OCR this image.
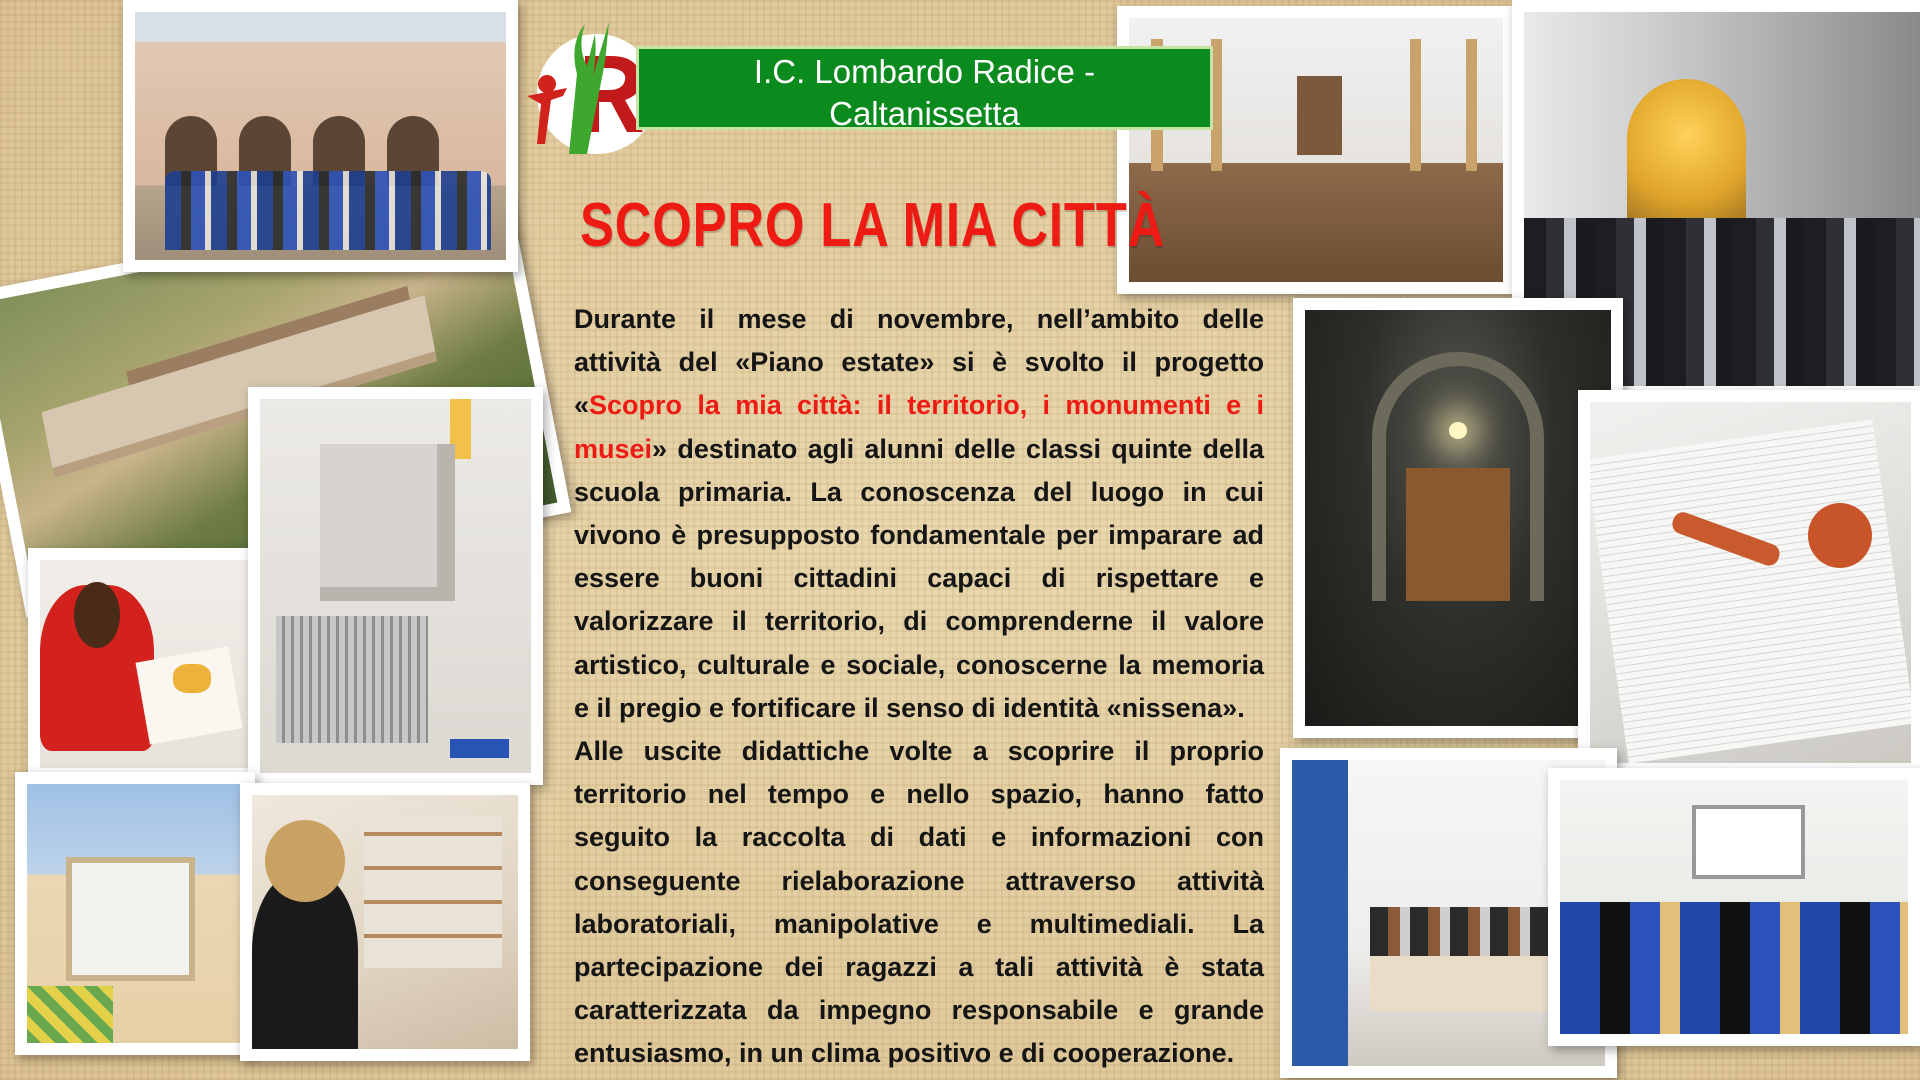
I.C. Lombardo Radice -
Caltanissetta
SCOPRO LA MIA CITTÀ

Durante il mese di novembre, nell’ambito delle attività del «Piano estate» si è svolto il progetto «Scopro la mia città: il territorio, i monumenti e i musei» destinato agli alunni delle classi quinte della scuola primaria. La conoscenza del luogo in cui vivono è presupposto fondamentale per imparare ad essere buoni cittadini capaci di rispettare e valorizzare il territorio, di comprenderne il valore artistico, culturale e sociale, conoscerne la memoria e il pregio e fortificare il senso di identità «nissena».

Alle uscite didattiche volte a scoprire il proprio territorio nel tempo e nello spazio, hanno fatto seguito la raccolta di dati e informazioni con conseguente rielaborazione attraverso attività laboratoriali, manipolative e multimediali. La partecipazione dei ragazzi a tali attività è stata caratterizzata da impegno responsabile e grande entusiasmo, in un clima positivo e di cooperazione.
